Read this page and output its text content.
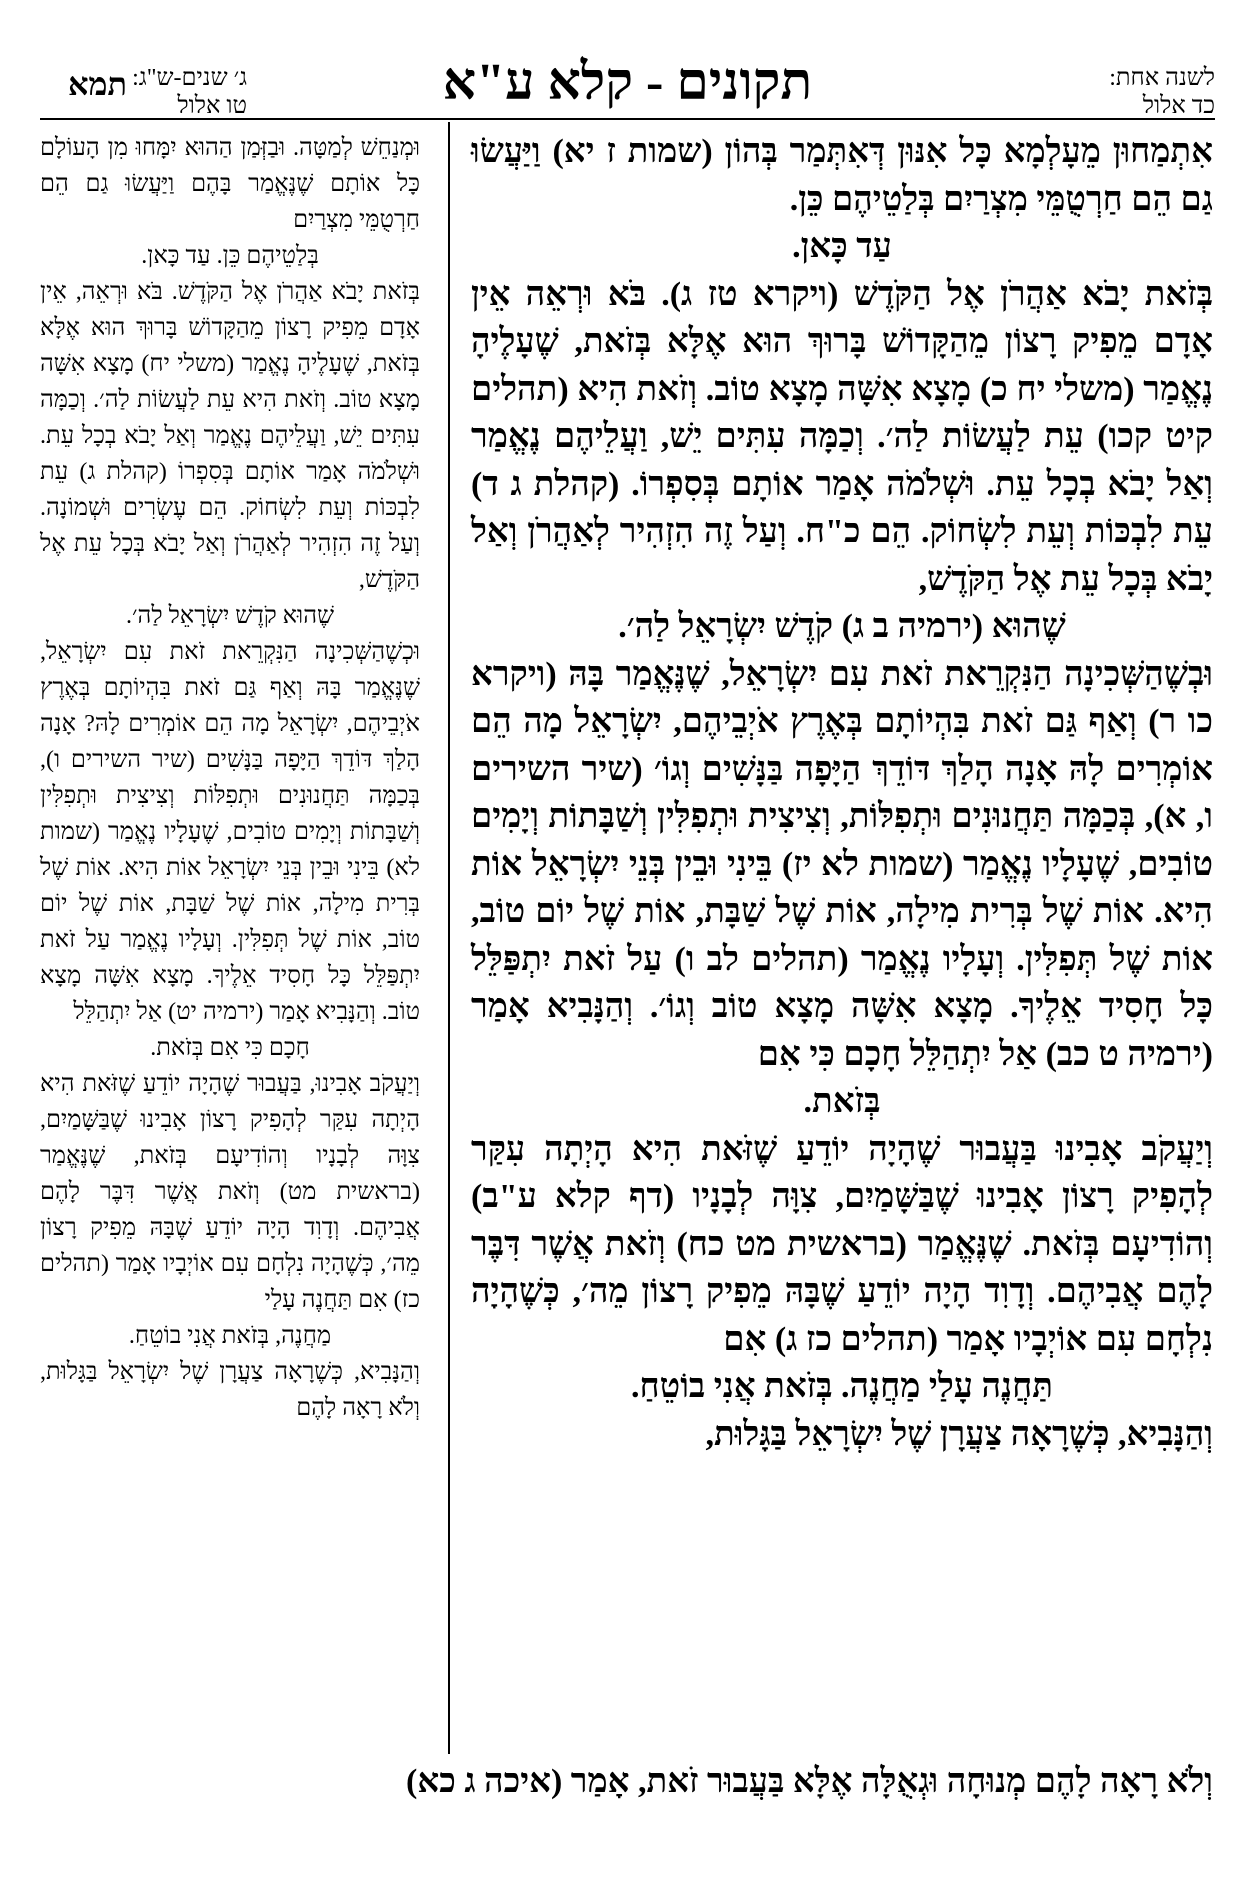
לשנה אחת:
כד אלול
תקונים - קלא ע"א
ג׳ שנים-ש"ג:
טו אלול
תמא

אִתְמַחוּן מֵעָלְמָא כָּל אִנּוּן דְּאִתְּמַר בְּהוֹן (שמות ז יא) וַיַּעֲשׂוּ גַם הֵם חַרְטֻמֵּי מִצְרַיִם בְּלַטֵיהֶם כֵּן.

עַד כָּאן.

בְּזֹאת יָבֹא אַהֲרֹן אֶל הַקֹּדֶשׁ (ויקרא טז ג). בֹּא וּרְאֵה אֵין אָדָם מֵפִיק רָצוֹן מֵהַקָּדוֹשׁ בָּרוּךְ הוּא אֶלָּא בְּזֹאת, שֶׁעָלֶיהָ נֶאֱמַר (משלי יח כ) מָצָא אִשָּׁה מָצָא טוֹב. וְזֹאת הִיא (תהלים קיט קכו) עֵת לַעֲשׂוֹת לַה׳. וְכַמָּה עִתִּים יֵשׁ, וַעֲלֵיהֶם נֶאֱמַר וְאַל יָבֹא בְכָל עֵת. וּשְׁלֹמֹה אָמַר אוֹתָם בְּסִפְרוֹ. (קהלת ג ד) עֵת לִבְכּוֹת וְעֵת לִשְׂחוֹק. הֵם כ"ח. וְעַל זֶה הִזְהִיר לְאַהֲרֹן וְאַל יָבֹא בְּכָל עֵת אֶל הַקֹּדֶשׁ,

שֶׁהוּא (ירמיה ב ג) קֹדֶשׁ יִשְׂרָאֵל לַה׳.

וּבְשֶׁהַשְּׁכִינָה הַנִּקְרֵאת זֹאת עִם יִשְׂרָאֵל, שֶׁנֶּאֱמַר בָּהּ (ויקרא כו ר) וְאַף גַּם זֹאת בִּהְיוֹתָם בְּאֶרֶץ אֹיְבֵיהֶם, יִשְׂרָאֵל מָה הֵם אוֹמְרִים לָהּ אָנָה הָלַךְ דּוֹדֵךְ הַיָּפָה בַּנָּשִׁים וְגוֹ׳ (שיר השירים ו, א), בְּכַמָּה תַּחֲנוּנִים וּתְפִלּוֹת, וְצִיצִית וּתְפִלִּין וְשַׁבָּתוֹת וְיָמִים טוֹבִים, שֶׁעָלָיו נֶאֱמַר (שמות לא יז) בֵּינִי וּבֵין בְּנֵי יִשְׂרָאֵל אוֹת הִיא. אוֹת שֶׁל בְּרִית מִילָה, אוֹת שֶׁל שַׁבָּת, אוֹת שֶׁל יוֹם טוֹב, אוֹת שֶׁל תְּפִלִּין. וְעָלָיו נֶאֱמַר (תהלים לב ו) עַל זֹאת יִתְפַּלֵּל כָּל חָסִיד אֵלֶיךָ. מָצָא אִשָּׁה מָצָא טוֹב וְגוֹ׳. וְהַנָּבִיא אָמַר (ירמיה ט כב) אַל יִתְהַלֵּל חָכָם כִּי אִם

בְּזֹאת.

וְיַעֲקֹב אָבִינוּ בַּעֲבוּר שֶׁהָיָה יוֹדֵעַ שֶׁזֹּאת הִיא הָיְתָה עִקַּר לְהָפִיק רָצוֹן אָבִינוּ שֶׁבַּשָּׁמַיִם, צִוָּה לְבָנָיו (דף קלא ע"ב) וְהוֹדִיעָם בְּזֹאת. שֶׁנֶּאֱמַר (בראשית מט כח) וְזֹאת אֲשֶׁר דִּבֶּר לָהֶם אֲבִיהֶם. וְדָוִד הָיָה יוֹדֵעַ שֶׁבָּהּ מֵפִיק רָצוֹן מֵה׳, כְּשֶׁהָיָה נִלְחָם עִם אוֹיְבָיו אָמַר (תהלים כז ג) אִם

תַּחֲנֶה עָלַי מַחֲנֶה. בְּזֹאת אֲנִי בוֹטֵחַ.

וְהַנָּבִיא, כְּשֶׁרָאָה צַעֲרָן שֶׁל יִשְׂרָאֵל בַּגָּלוּת,

וּמְנַחֵשׁ לְמַטָּה. וּבַזְּמַן הַהוּא יִמָּחוּ מִן הָעוֹלָם כָּל אוֹתָם שֶׁנֶּאֱמַר בָּהֶם וַיַּעֲשׂוּ גַם הֵם חַרְטֻמֵּי מִצְרַיִם

בְּלַטֵיהֶם כֵּן. עַד כָּאן.

בְּזֹאת יָבֹא אַהֲרֹן אֶל הַקֹּדֶשׁ. בֹּא וּרְאֵה, אֵין אָדָם מֵפִיק רָצוֹן מֵהַקָּדוֹשׁ בָּרוּךְ הוּא אֶלָּא בְּזֹאת, שֶׁעָלֶיהָ נֶאֱמַר (משלי יח) מָצָא אִשָּׁה מָצָא טוֹב. וְזֹאת הִיא עֵת לַעֲשׂוֹת לַה׳. וְכַמָּה עִתִּים יֵשׁ, וַעֲלֵיהֶם נֶאֱמַר וְאַל יָבֹא בְכָל עֵת. וּשְׁלֹמֹה אָמַר אוֹתָם בְּסִפְרוֹ (קהלת ג) עֵת לִבְכּוֹת וְעֵת לִשְׂחוֹק. הֵם עֶשְׂרִים וּשְׁמוֹנָה. וְעַל זֶה הִזְהִיר לְאַהֲרֹן וְאַל יָבֹא בְּכָל עֵת אֶל הַקֹּדֶשׁ,

שֶׁהוּא קֹדֶשׁ יִשְׂרָאֵל לַה׳.

וּכְשֶׁהַשְּׁכִינָה הַנִּקְרֵאת זֹאת עִם יִשְׂרָאֵל, שֶׁנֶּאֱמַר בָּהּ וְאַף גַּם זֹאת בִּהְיוֹתָם בְּאֶרֶץ אֹיְבֵיהֶם, יִשְׂרָאֵל מָה הֵם אוֹמְרִים לָהּ? אָנָה הָלַךְ דּוֹדֵךְ הַיָּפָה בַּנָּשִׁים (שיר השירים ו), בְּכַמָּה תַּחֲנוּנִים וּתְפִלּוֹת וְצִיצִית וּתְפִלִּין וְשַׁבָּתוֹת וְיָמִים טוֹבִים, שֶׁעָלָיו נֶאֱמַר (שמות לא) בֵּינִי וּבֵין בְּנֵי יִשְׂרָאֵל אוֹת הִיא. אוֹת שֶׁל בְּרִית מִילָה, אוֹת שֶׁל שַׁבָּת, אוֹת שֶׁל יוֹם טוֹב, אוֹת שֶׁל תְּפִלִּין. וְעָלָיו נֶאֱמַר עַל זֹאת יִתְפַּלֵּל כָּל חָסִיד אֵלֶיךָ. מָצָא אִשָּׁה מָצָא טוֹב. וְהַנָּבִיא אָמַר (ירמיה יט) אַל יִתְהַלֵּל

חָכָם כִּי אִם בְּזֹאת.

וְיַעֲקֹב אָבִינוּ, בַּעֲבוּר שֶׁהָיָה יוֹדֵעַ שֶׁזֹּאת הִיא הָיְתָה עִקַּר לְהָפִיק רָצוֹן אָבִינוּ שֶׁבַּשָּׁמַיִם, צִוָּה לְבָנָיו וְהוֹדִיעָם בְּזֹאת, שֶׁנֶּאֱמַר (בראשית מט) וְזֹאת אֲשֶׁר דִּבֶּר לָהֶם אֲבִיהֶם. וְדָוִד הָיָה יוֹדֵעַ שֶׁבָּהּ מֵפִיק רָצוֹן מֵה׳, כְּשֶׁהָיָה נִלְחָם עִם אוֹיְבָיו אָמַר (תהלים כז) אִם תַּחֲנֶה עָלַי

מַחֲנֶה, בְּזֹאת אֲנִי בוֹטֵחַ.

וְהַנָּבִיא, כְּשֶׁרָאָה צַעֲרָן שֶׁל יִשְׂרָאֵל בַּגָּלוּת, וְלֹא רָאָה לָהֶם

וְלֹא רָאָה לָהֶם מְנוּחָה וּגְאֻלָּה אֶלָּא בַּעֲבוּר זֹאת, אָמַר (איכה ג כא)
